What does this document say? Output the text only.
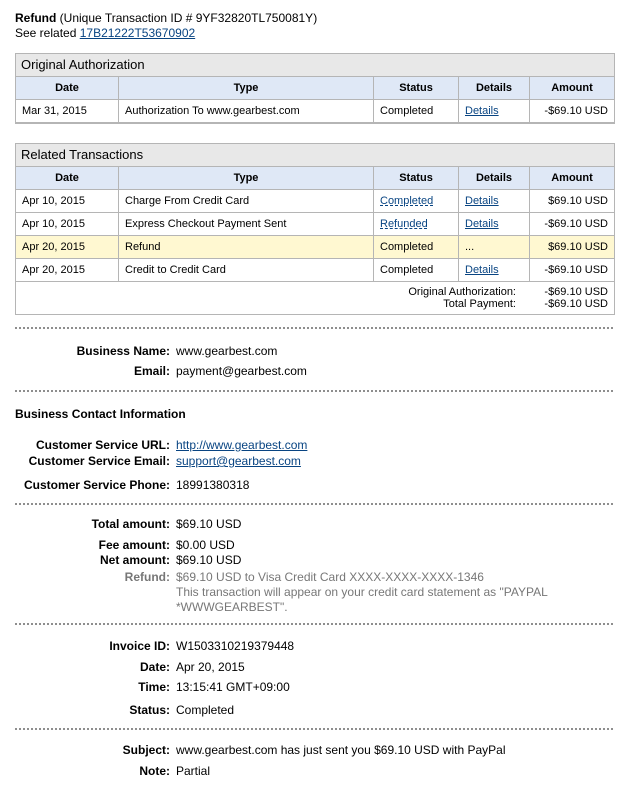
Refund (Unique Transaction ID # 9YF32820TL750081Y)
See related 17B21222T53670902
Original Authorization
Date	Type	Status	Details	Amount
Mar 31, 2015	Authorization To www.gearbest.com	Completed	Details	-$69.10 USD
Related Transactions
Date	Type	Status	Details	Amount
Apr 10, 2015	Charge From Credit Card	Completed	Details	$69.10 USD
Apr 10, 2015	Express Checkout Payment Sent	Refunded	Details	-$69.10 USD
Apr 20, 2015	Refund	Completed	...	$69.10 USD
Apr 20, 2015	Credit to Credit Card	Completed	Details	-$69.10 USD
Original Authorization:	-$69.10 USD
Total Payment:	-$69.10 USD
Business Name: www.gearbest.com
Email: payment@gearbest.com
Business Contact Information
Customer Service URL: http://www.gearbest.com
Customer Service Email: support@gearbest.com
Customer Service Phone: 18991380318
Total amount: $69.10 USD
Fee amount: $0.00 USD
Net amount: $69.10 USD
Refund: $69.10 USD to Visa Credit Card XXXX-XXXX-XXXX-1346
This transaction will appear on your credit card statement as "PAYPAL
*WWWGEARBEST".
Invoice ID: W1503310219379448
Date: Apr 20, 2015
Time: 13:15:41 GMT+09:00
Status: Completed
Subject: www.gearbest.com has just sent you $69.10 USD with PayPal
Note: Partial
